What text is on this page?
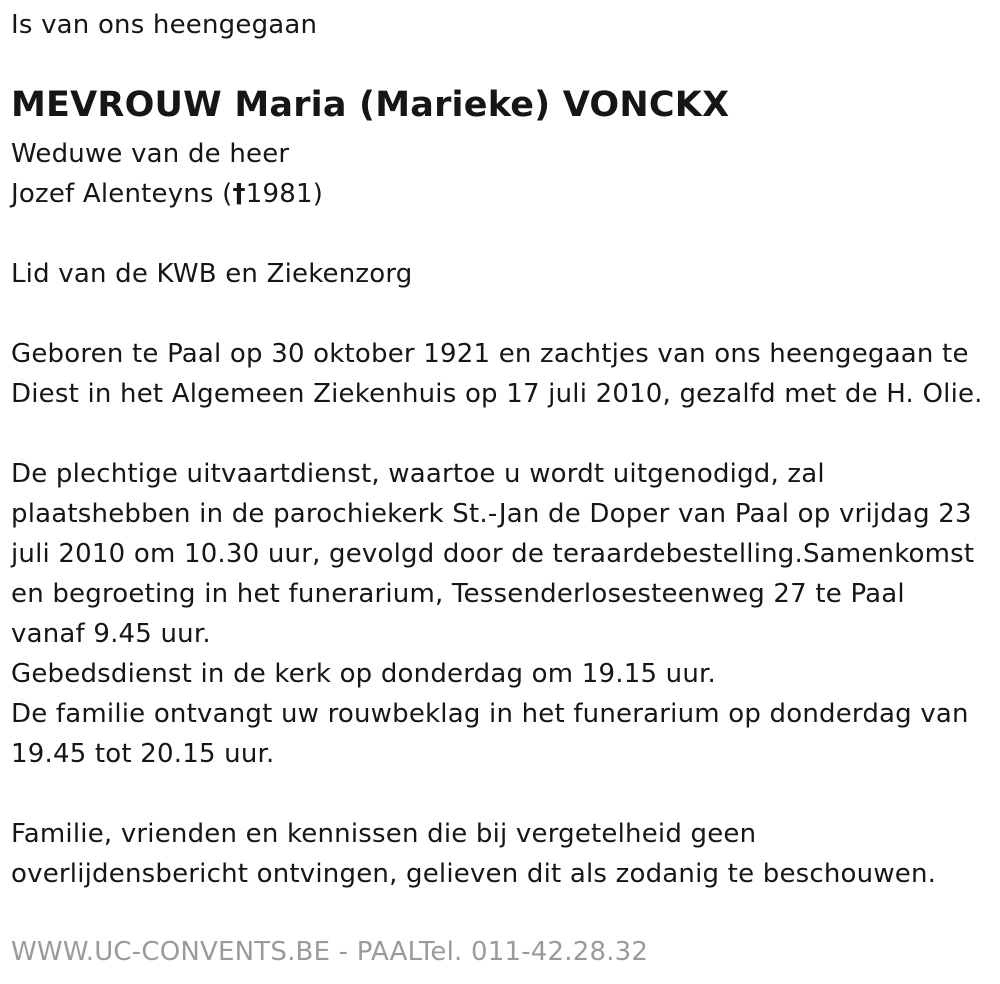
Is van ons heengegaan
MEVROUW Maria (Marieke) VONCKX
Weduwe van de heer
Jozef Alenteyns (†1981)
Lid van de KWB en Ziekenzorg
Geboren te Paal op 30 oktober 1921 en zachtjes van ons heengegaan te
Diest in het Algemeen Ziekenhuis op 17 juli 2010, gezalfd met de H. Olie.
De plechtige uitvaartdienst, waartoe u wordt uitgenodigd, zal
plaatshebben in de parochiekerk St.-Jan de Doper van Paal op vrijdag 23
juli 2010 om 10.30 uur, gevolgd door de teraardebestelling.Samenkomst
en begroeting in het funerarium, Tessenderlosesteenweg 27 te Paal
vanaf 9.45 uur.
Gebedsdienst in de kerk op donderdag om 19.15 uur.
De familie ontvangt uw rouwbeklag in het funerarium op donderdag van
19.45 tot 20.15 uur.
Familie, vrienden en kennissen die bij vergetelheid geen
overlijdensbericht ontvingen, gelieven dit als zodanig te beschouwen.
WWW.UC-CONVENTS.BE - PAALTel. 011-42.28.32
